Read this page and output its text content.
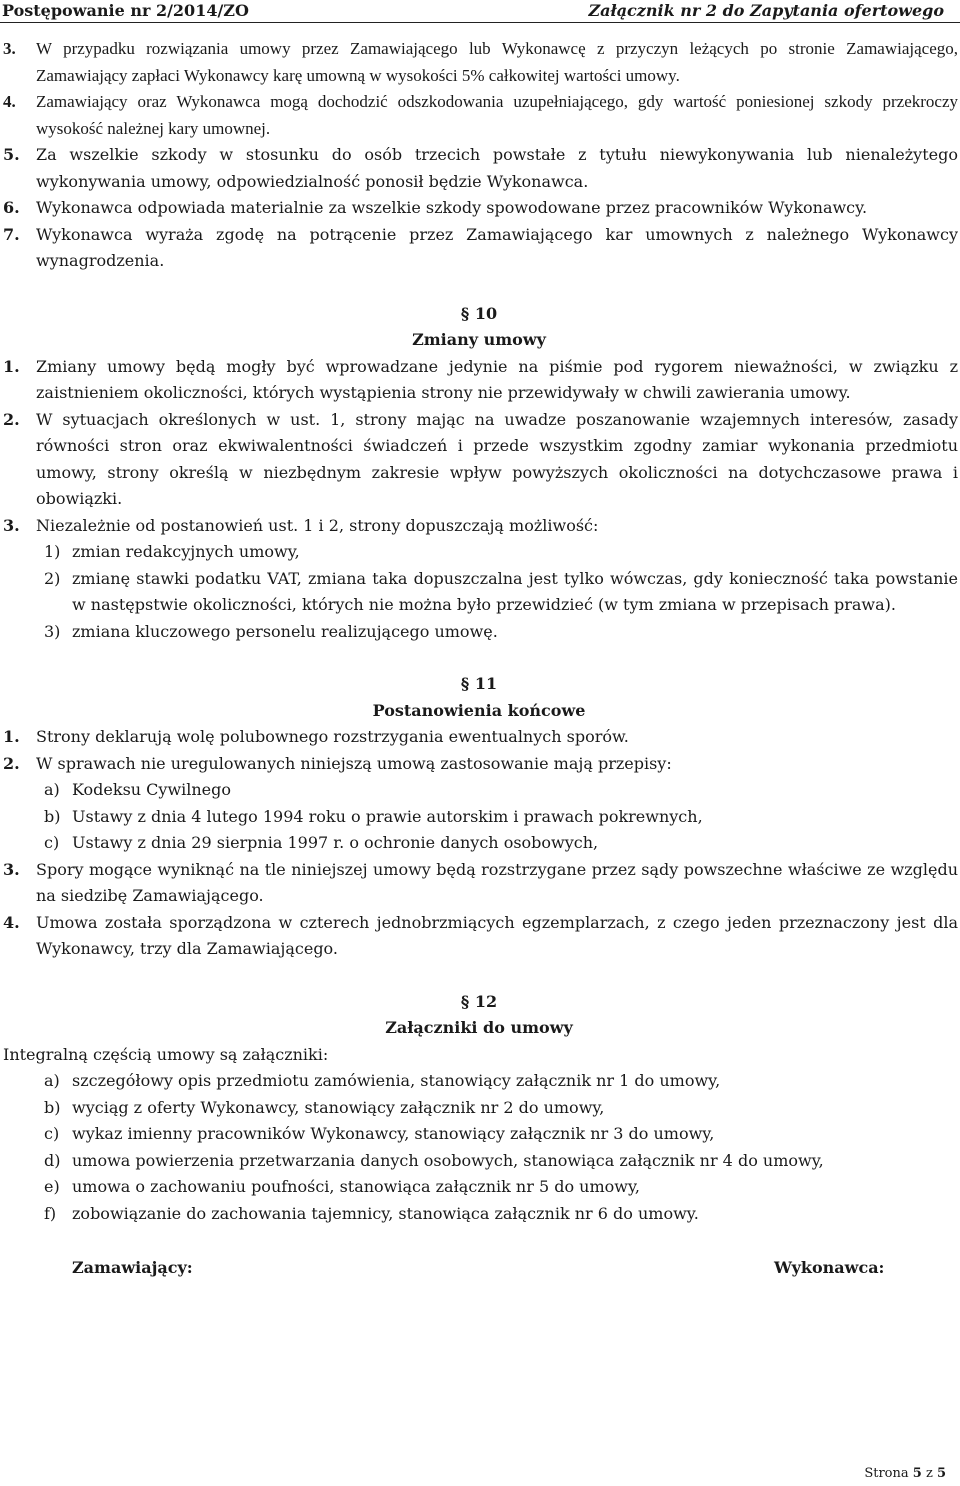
Postępowanie nr 2/2014/ZO	Załącznik nr 2 do Zapytania ofertowego
3. W przypadku rozwiązania umowy przez Zamawiającego lub Wykonawcę z przyczyn leżących po stronie Zamawiającego, Zamawiający zapłaci Wykonawcy karę umowną w wysokości 5% całkowitej wartości umowy.
4. Zamawiający oraz Wykonawca mogą dochodzić odszkodowania uzupełniającego, gdy wartość poniesionej szkody przekroczy wysokość należnej kary umownej.
5. Za wszelkie szkody w stosunku do osób trzecich powstałe z tytułu niewykonywania lub nienależytego wykonywania umowy, odpowiedzialność ponosił będzie Wykonawca.
6. Wykonawca odpowiada materialnie za wszelkie szkody spowodowane przez pracowników Wykonawcy.
7. Wykonawca wyraża zgodę na potrącenie przez Zamawiającego kar umownych z należnego Wykonawcy wynagrodzenia.
§ 10
Zmiany umowy
1. Zmiany umowy będą mogły być wprowadzane jedynie na piśmie pod rygorem nieważności, w związku z zaistnieniem okoliczności, których wystąpienia strony nie przewidywały w chwili zawierania umowy.
2. W sytuacjach określonych w ust. 1, strony mając na uwadze poszanowanie wzajemnych interesów, zasady równości stron oraz ekwiwalentności świadczeń i przede wszystkim zgodny zamiar wykonania przedmiotu umowy, strony określą w niezbędnym zakresie wpływ powyższych okoliczności na dotychczasowe prawa i obowiązki.
3. Niezależnie od postanowień ust. 1 i 2, strony dopuszczają możliwość:
1) zmian redakcyjnych umowy,
2) zmianę stawki podatku VAT, zmiana taka dopuszczalna jest tylko wówczas, gdy konieczność taka powstanie w następstwie okoliczności, których nie można było przewidzieć (w tym zmiana w przepisach prawa).
3) zmiana kluczowego personelu realizującego umowę.
§ 11
Postanowienia końcowe
1. Strony deklarują wolę polubownego rozstrzygania ewentualnych sporów.
2. W sprawach nie uregulowanych niniejszą umową zastosowanie mają przepisy:
a) Kodeksu Cywilnego
b) Ustawy z dnia 4 lutego 1994 roku o prawie autorskim i prawach pokrewnych,
c) Ustawy z dnia 29 sierpnia 1997 r. o ochronie danych osobowych,
3. Spory mogące wyniknąć na tle niniejszej umowy będą rozstrzygane przez sądy powszechne właściwe ze względu na siedzibę Zamawiającego.
4. Umowa została sporządzona w czterech jednobrzmiących egzemplarzach, z czego jeden przeznaczony jest dla Wykonawcy, trzy dla Zamawiającego.
§ 12
Załączniki do umowy
Integralną częścią umowy są załączniki:
a) szczegółowy opis przedmiotu zamówienia, stanowiący załącznik nr 1 do umowy,
b) wyciąg z oferty Wykonawcy, stanowiący załącznik nr 2 do umowy,
c) wykaz imienny pracowników Wykonawcy, stanowiący załącznik nr 3 do umowy,
d) umowa powierzenia przetwarzania danych osobowych, stanowiąca załącznik nr 4 do umowy,
e) umowa o zachowaniu poufności, stanowiąca załącznik nr 5 do umowy,
f) zobowiązanie do zachowania tajemnicy, stanowiąca załącznik nr 6 do umowy.
Zamawiający:	Wykonawca:
Strona 5 z 5
